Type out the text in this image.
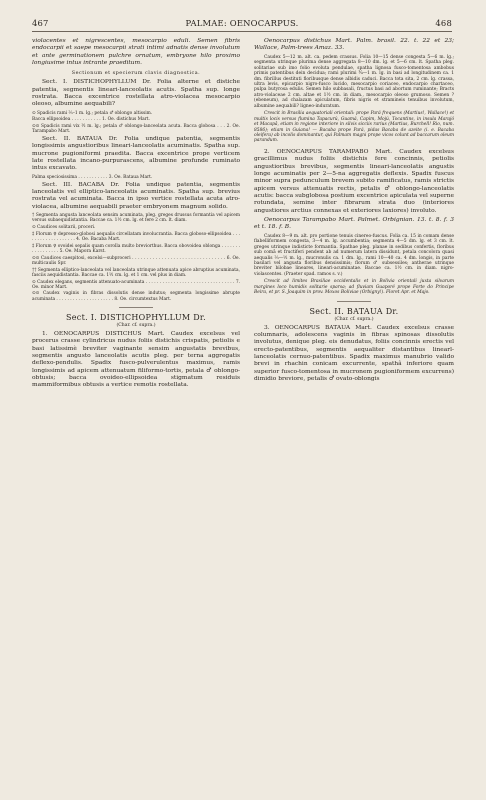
467	PALMAE: OENOCARPUS.	468

violacentes et nigrescentes, mesocarpio eduli. Semen fibris endocarpii et saepe mesocarpii strati intimi adnatis dense involutum et ante germinationem pulchre ornatum, embryone hilo proximo longiusime intus intrante praeditum.

Sectionum et specierum clavis diagnostica.

Sect. I. DISTICHOPHYLLUM Dr. Folia alterne et distiche patentia, segmentis lineari-lanceolatis acutis. Spatha sup. longe rostrata. Bacca excentrice rostellata atro-violacea mesocarpio oleoso, albumine aequabili?

⊙ Spadicis rami ⅔–1 m. lg.; petala ♂ oblongo altissim.

Bacca ellipsoidea . . . . . . . . . . . 1. Oe. distichus Mart.

⊙⊙ Spadicis rami vix ½ m. lg.; petala ♂ oblongo-lanceolata acuta. Bacca globosa . . . 2. Oe. Tarampabo Mart.

Sect. II. BATAUA Dr. Folia undique patentia, segmentis longissimis angustioribus lineari-lanceolatis acuminatis. Spatha sup. mucrone pugioniformi praedita. Bacca excentrice prope verticem late rostellata incano-purpurascens, albumine profunde ruminato intus excavato.

Palma speciosissima . . . . . . . . . . . 3. Oe. Bataua Mart.

Sect. III. BACABA Dr. Folia undique patentia, segmentis lanceolatis vel elliptico-lanceolatis acuminatis. Spatha sup. brevius rostrata vel acuminata. Bacca in ipso vertice rostellata acuta atro-violacea, albumine aequabili praeter embryonem magnum solido.

† Segmenta angusta lanceolata sensim acuminata, pleg. greges drussus formantia vel apicem versus subaequidistantia. Baccae ca. 1½ cm. lg. et fere 2 cm. lt. diam.

⊙ Caudices solitarii, proceri.

‡ Florum ♀ depresso-globosi aequalis circellatam involucrantia. Bacca globoso-ellipsoidea . . . . . . . . . . . . . . . . . . . 4. Oe. Bacaba Mart.

‡ Florum ♀ ovoidei sepalis quam corolla multo breviorthus. Bacca obovoidea oblonga . . . . . . . . . . . . . . . . . 5. Oe. Mapora Karst.

⊙⊙ Caudices caespitosi, excelsi—subproceri . . . . . . . . . . . . . . . . . . . . . . . . . . . . . . . . 6. Oe. multicaulis Spr.

†† Segmenta elliptico-lanceolata vel lanceolata utrinque attenuata apice abruptius acuminata, fasciis aequidistantia. Baccae ca. 1½ cm. lg. et 1 cm. vel plus in diam.

⊙ Caudex elegans, segmentis attenuato-acuminata . . . . . . . . . . . . . . . . . . . . . . . . . . . . . . . . 7. Oe. minor Mart.

⊙⊙ Caudex vaginis in fibras dissolutis dense indutus; segmenta longissime abrupte acuminata . . . . . . . . . . . . . . . . . . . . . 8. Oe. circumtextus Mart.

Sect. I. DISTICHOPHYLLUM Dr.
(Char. cf. supra.)

1. OENOCARPUS DISTICHUS Mart. Caudex excelsus vel procerus crasse cylindricus nudus foliis distichis crispatis, petiolis e basi latissimè breviter vaginante sensim angustatis brevibus, segmentis angusto lanceolatis acutis pleg. per terna aggregatis deflexo-pendulis. Spadix fusco-pulverulentus maximus, ramis longissimis ad apicem attenuatum filiformo-tortis, petala ♂ oblongo-obtusis; bacca ovoideo-ellipsoidea stigmatum residuis mammiformibus obtusis a vertice remotis rostellata.

Oenocarpus distichus Mart. Palm. brasil. 22. t. 22 et 23; Wallace, Palm-trees Amaz. 33.

Caudex 5—12 m. alt. ca. pedem crassus. Folia 10—15 dense congesta 5—6 m. lg.; segmenta utrinque plurima dense aggregata 8—10 dm. lg. et 5—6 cm. lt. Spatha pleg. solitariae sub imo folio evoluta pendulae, spatha lignosa fusco-tomentosa ambobus primis patentibus dein decidua; rami plurimi ¾—1 m. lg. in basi ad longitudinem ca. 1 dm. fibrillus destituti floribusque dense albidis caduci. Bacca tota sita, 2 cm. lg. crassa, ultra levis, epicarpio nigro-fusco lucido, mesocarpio coriaceo, endocarpio chartaceo, pulpa butyrosa edulis. Semen hilo subbasali, fructus basi ad abortum ruminante; Bracts atro-violaceae 2 cm. altae et 1½ cm. in diam., mesocarpio oleoso grumoso. Semen ? (ebeneum), ad chalazam apiculatum, fibris nigris et stramineis tenuibus involutum, albumine aequabili? ligneo-induratum.

Crescit in Brasilia aequatoriali orientali: prope Pará frequens (Martius!, Wallace!) et multis locis versus flumina Tapacurú, Guamá, Capim, Mojú, Tocantins, in insula Marajó et Macapâ, etiam in regione interiore in silvis sicciis rarius (Martius, Burchell! Rio, num. 8586); etiam in Guiana! — Bacaba prope Pará, pidas Bacaba de azeite (i. e. Bacaba oleifera) ab incolis dominantur, qui Palmam magni prope vicos colunt ad baccarum oleum parandum.

2. OENOCARPUS TARAMPABO Mart. Caudex excelsus gracillimus nudus foliis distichis fere concinnis, petiolis angustioribus brevibus, segmentis lineari-lanceolatis angustis longe acuminatis per 2—5-na aggregatis deflexis. Spadix fuscus minor supra pedunculum brevem subito ramificatus, ramis strictis apicem versus attenuatis rectis, petalis ♂ oblongo-lanceolatis acutis: bacca subglobosa postium excentrice apiculata vel superne rotundata, semine inter fibrarum strata duo (interiores angustiores arctius connexas et exteriores laxiores) involuto.

Oenocarpus Tarampabo Mart. Palmet. Orbignian. 13. t. 8. f. 3 et t. 18. f. B.

Caudex 8—9 m. alt. pro portione tenuis cinereo-fuscus. Folia ca. 15 in comam dense flabelliformem congesta, 3—4 m. lg. accumbentia; segmenta 4—5 dm. lg. et 3 cm. lt. greges utrinque indisticte formantia. Spathae pleg. planae in sedibus confertis, floribus sub comā et fructiferi pendent ab ad numerum latera dissidunt, petala concolora quasi aequalis ⅔—½ m. lg., mucronulis ca. 1 dm. lg., rami 10—40 ca. 4 dm. longis, in parte basilari vel angusta floribus densissimis; florum ♂ subsessiles; antherae utrinque breviter bilobae lineares, lineari-acuminatae. Baccae ca. 1½ cm. in diam. nigro-violascentes. (Praeter spad. ramos s. v.)

Crescit ad limites Brasiliae occidentalis et in Bolivia orientali juxta silvarum margines loco humidis solitarie sparsa; ad fluviam Guaporé prope Forte do Principe Beira, et pr. S. Joaquim in prov. Moxos Boliviae (Orbigny!). Floret Apr. et Majo.

Sect. II. BATAUA Dr.
(Char. cf. supra.)

3. OENOCARPUS BATAUA Mart. Caudex excelsus crasse columnaris, adolescens vaginis in fibras spinosas dissolutis involutus, denique pleg. eis denudatus, foliis concinnis erectis vel erecto-patentibus, segmentis aequaliter distantibus linearl-lanceolatis cernuo-patentibus. Spadix maximus manubrio valido brevi in rhachin conicam excurrente, spathâ inferiore quam superior fusco-tomentosa in mucronem pugioniformem excurrens) dimidio breviore, petalis ♂ ovato-oblongis
